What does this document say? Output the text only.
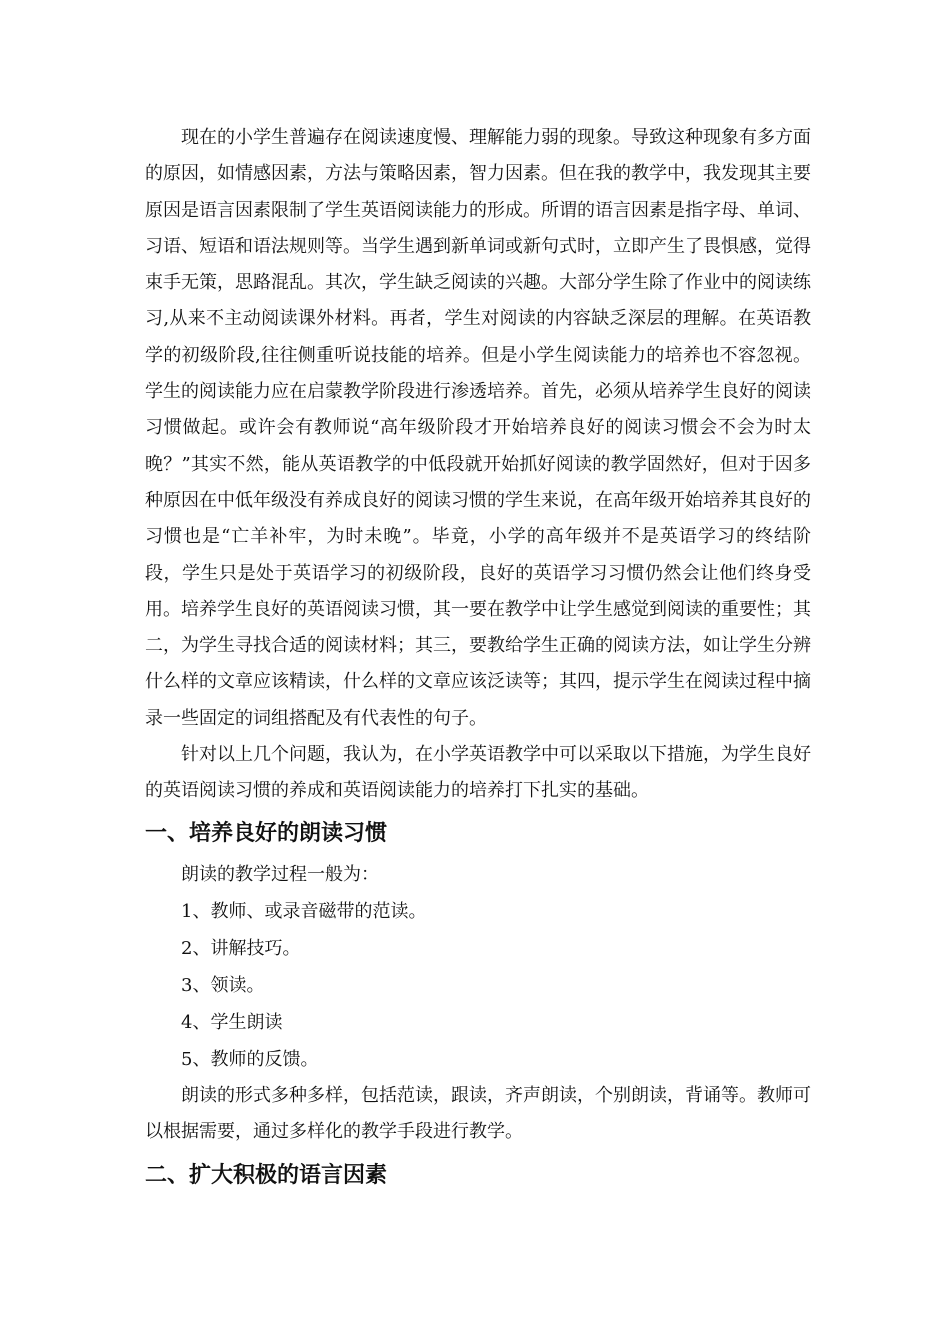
现在的小学生普遍存在阅读速度慢、理解能力弱的现象。导致这种现象有多方面的原因，如情感因素，方法与策略因素，智力因素。但在我的教学中，我发现其主要原因是语言因素限制了学生英语阅读能力的形成。所谓的语言因素是指字母、单词、习语、短语和语法规则等。当学生遇到新单词或新句式时，立即产生了畏惧感，觉得束手无策，思路混乱。其次，学生缺乏阅读的兴趣。大部分学生除了作业中的阅读练习,从来不主动阅读课外材料。再者，学生对阅读的内容缺乏深层的理解。在英语教学的初级阶段,往往侧重听说技能的培养。但是小学生阅读能力的培养也不容忽视。学生的阅读能力应在启蒙教学阶段进行渗透培养。首先，必须从培养学生良好的阅读习惯做起。或许会有教师说“高年级阶段才开始培养良好的阅读习惯会不会为时太晚？”其实不然，能从英语教学的中低段就开始抓好阅读的教学固然好，但对于因多种原因在中低年级没有养成良好的阅读习惯的学生来说，在高年级开始培养其良好的习惯也是“亡羊补牢，为时未晚”。毕竟，小学的高年级并不是英语学习的终结阶段，学生只是处于英语学习的初级阶段，良好的英语学习习惯仍然会让他们终身受用。培养学生良好的英语阅读习惯，其一要在教学中让学生感觉到阅读的重要性；其二，为学生寻找合适的阅读材料；其三，要教给学生正确的阅读方法，如让学生分辨什么样的文章应该精读，什么样的文章应该泛读等；其四，提示学生在阅读过程中摘录一些固定的词组搭配及有代表性的句子。

针对以上几个问题，我认为，在小学英语教学中可以采取以下措施，为学生良好的英语阅读习惯的养成和英语阅读能力的培养打下扎实的基础。

一、培养良好的朗读习惯

朗读的教学过程一般为：

1、教师、或录音磁带的范读。

2、讲解技巧。

3、领读。

4、学生朗读

5、教师的反馈。

朗读的形式多种多样，包括范读，跟读，齐声朗读，个别朗读，背诵等。教师可以根据需要，通过多样化的教学手段进行教学。

二、扩大积极的语言因素
